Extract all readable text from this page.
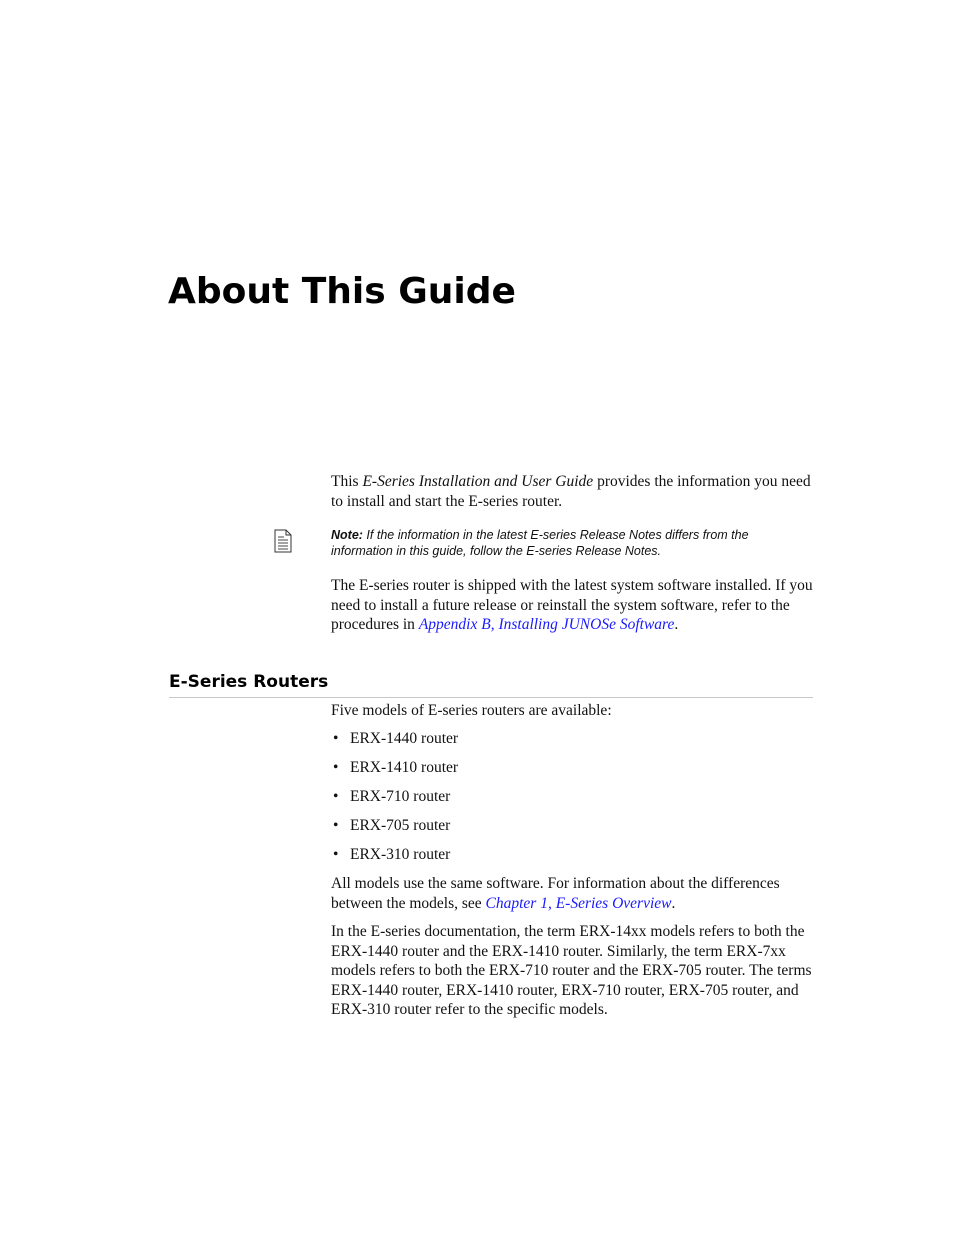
About This Guide

This E-Series Installation and User Guide provides the information you need to install and start the E-series router.

Note: If the information in the latest E-series Release Notes differs from the information in this guide, follow the E-series Release Notes.

The E-series router is shipped with the latest system software installed. If you need to install a future release or reinstall the system software, refer to the procedures in Appendix B, Installing JUNOSe Software.

E-Series Routers

Five models of E-series routers are available:

• ERX-1440 router
• ERX-1410 router
• ERX-710 router
• ERX-705 router
• ERX-310 router

All models use the same software. For information about the differences between the models, see Chapter 1, E-Series Overview.

In the E-series documentation, the term ERX-14xx models refers to both the ERX-1440 router and the ERX-1410 router. Similarly, the term ERX-7xx models refers to both the ERX-710 router and the ERX-705 router. The terms ERX-1440 router, ERX-1410 router, ERX-710 router, ERX-705 router, and ERX-310 router refer to the specific models.
